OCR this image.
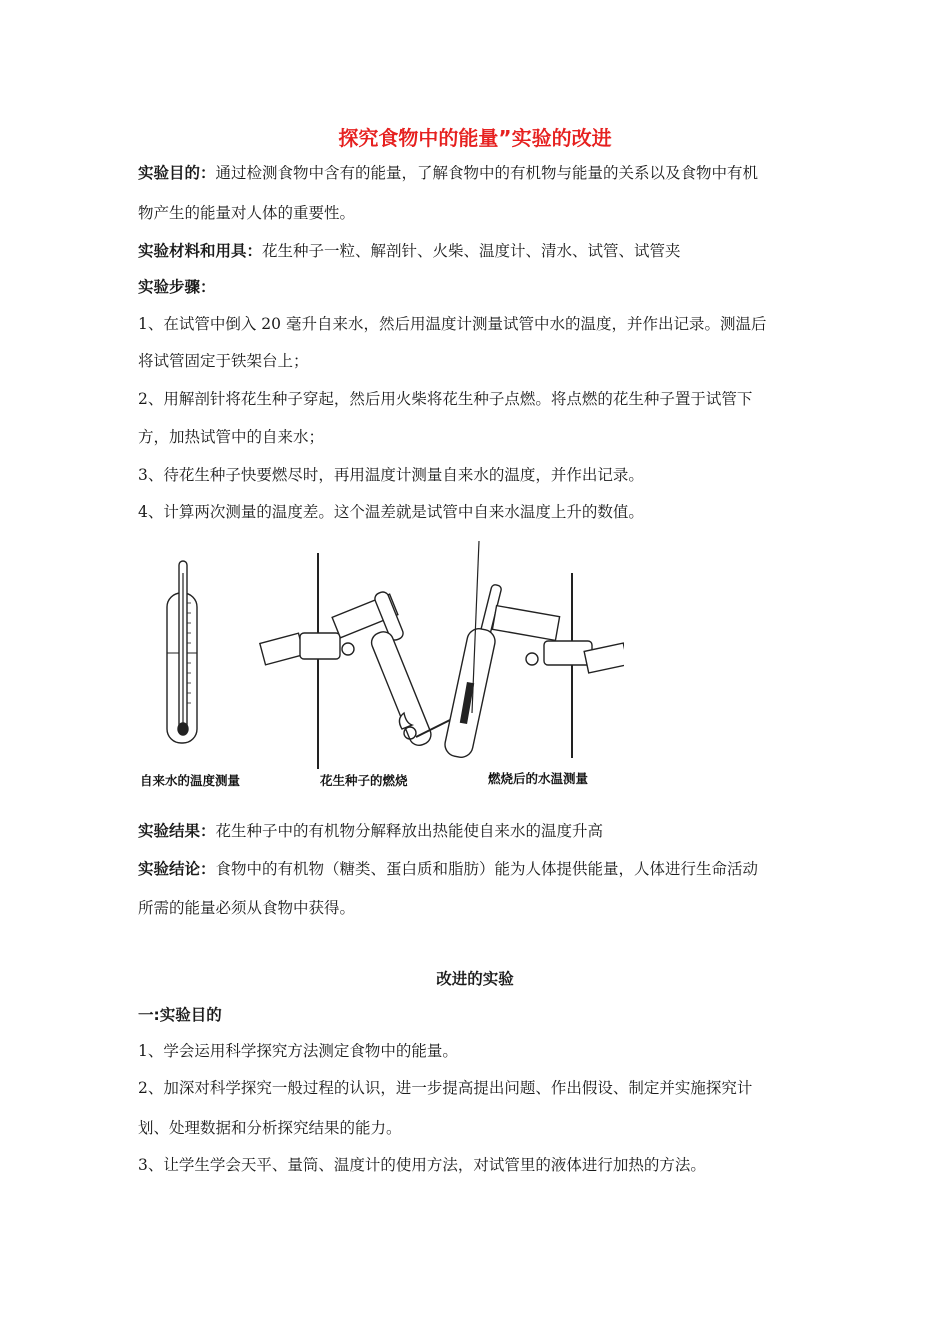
探究食物中的能量”实验的改进
实验目的：通过检测食物中含有的能量，了解食物中的有机物与能量的关系以及食物中有机
物产生的能量对人体的重要性。
实验材料和用具：花生种子一粒、解剖针、火柴、温度计、清水、试管、试管夹
实验步骤：
1、在试管中倒入 20 毫升自来水，然后用温度计测量试管中水的温度，并作出记录。测温后
将试管固定于铁架台上；
2、用解剖针将花生种子穿起，然后用火柴将花生种子点燃。将点燃的花生种子置于试管下
方，加热试管中的自来水；
3、待花生种子快要燃尽时，再用温度计测量自来水的温度，并作出记录。
4、计算两次测量的温度差。这个温差就是试管中自来水温度上升的数值。
自来水的温度测量	花生种子的燃烧	燃烧后的水温测量
实验结果：花生种子中的有机物分解释放出热能使自来水的温度升高
实验结论：食物中的有机物（糖类、蛋白质和脂肪）能为人体提供能量，人体进行生命活动
所需的能量必须从食物中获得。
改进的实验
一:实验目的
1、学会运用科学探究方法测定食物中的能量。
2、加深对科学探究一般过程的认识，进一步提高提出问题、作出假设、制定并实施探究计
划、处理数据和分析探究结果的能力。
3、让学生学会天平、量筒、温度计的使用方法，对试管里的液体进行加热的方法。
